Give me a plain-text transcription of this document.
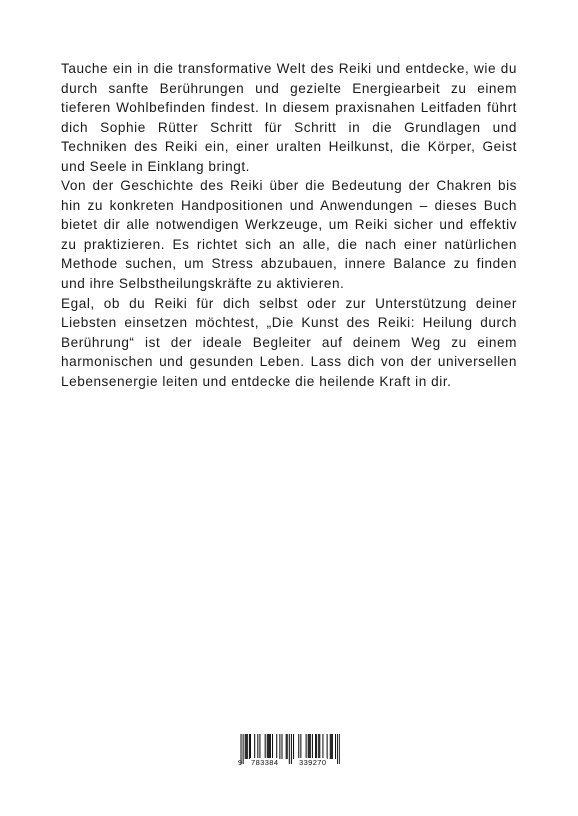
Tauche ein in die transformative Welt des Reiki und entdecke, wie du durch sanfte Berührungen und gezielte Energiearbeit zu einem tieferen Wohlbefinden findest. In diesem praxisnahen Leitfaden führt dich Sophie Rütter Schritt für Schritt in die Grundlagen und Techniken des Reiki ein, einer uralten Heilkunst, die Körper, Geist und Seele in Einklang bringt.

Von der Geschichte des Reiki über die Bedeutung der Chakren bis hin zu konkreten Handpositionen und Anwendungen – dieses Buch bietet dir alle notwendigen Werkzeuge, um Reiki sicher und effektiv zu praktizieren. Es richtet sich an alle, die nach einer natürlichen Methode suchen, um Stress abzubauen, innere Balance zu finden und ihre Selbstheilungskräfte zu aktivieren.

Egal, ob du Reiki für dich selbst oder zur Unterstützung deiner Liebsten einsetzen möchtest, „Die Kunst des Reiki: Heilung durch Berührung“ ist der ideale Begleiter auf deinem Weg zu einem harmonischen und gesunden Leben. Lass dich von der universellen Lebensenergie leiten und entdecke die heilende Kraft in dir.

9 783384	339270
